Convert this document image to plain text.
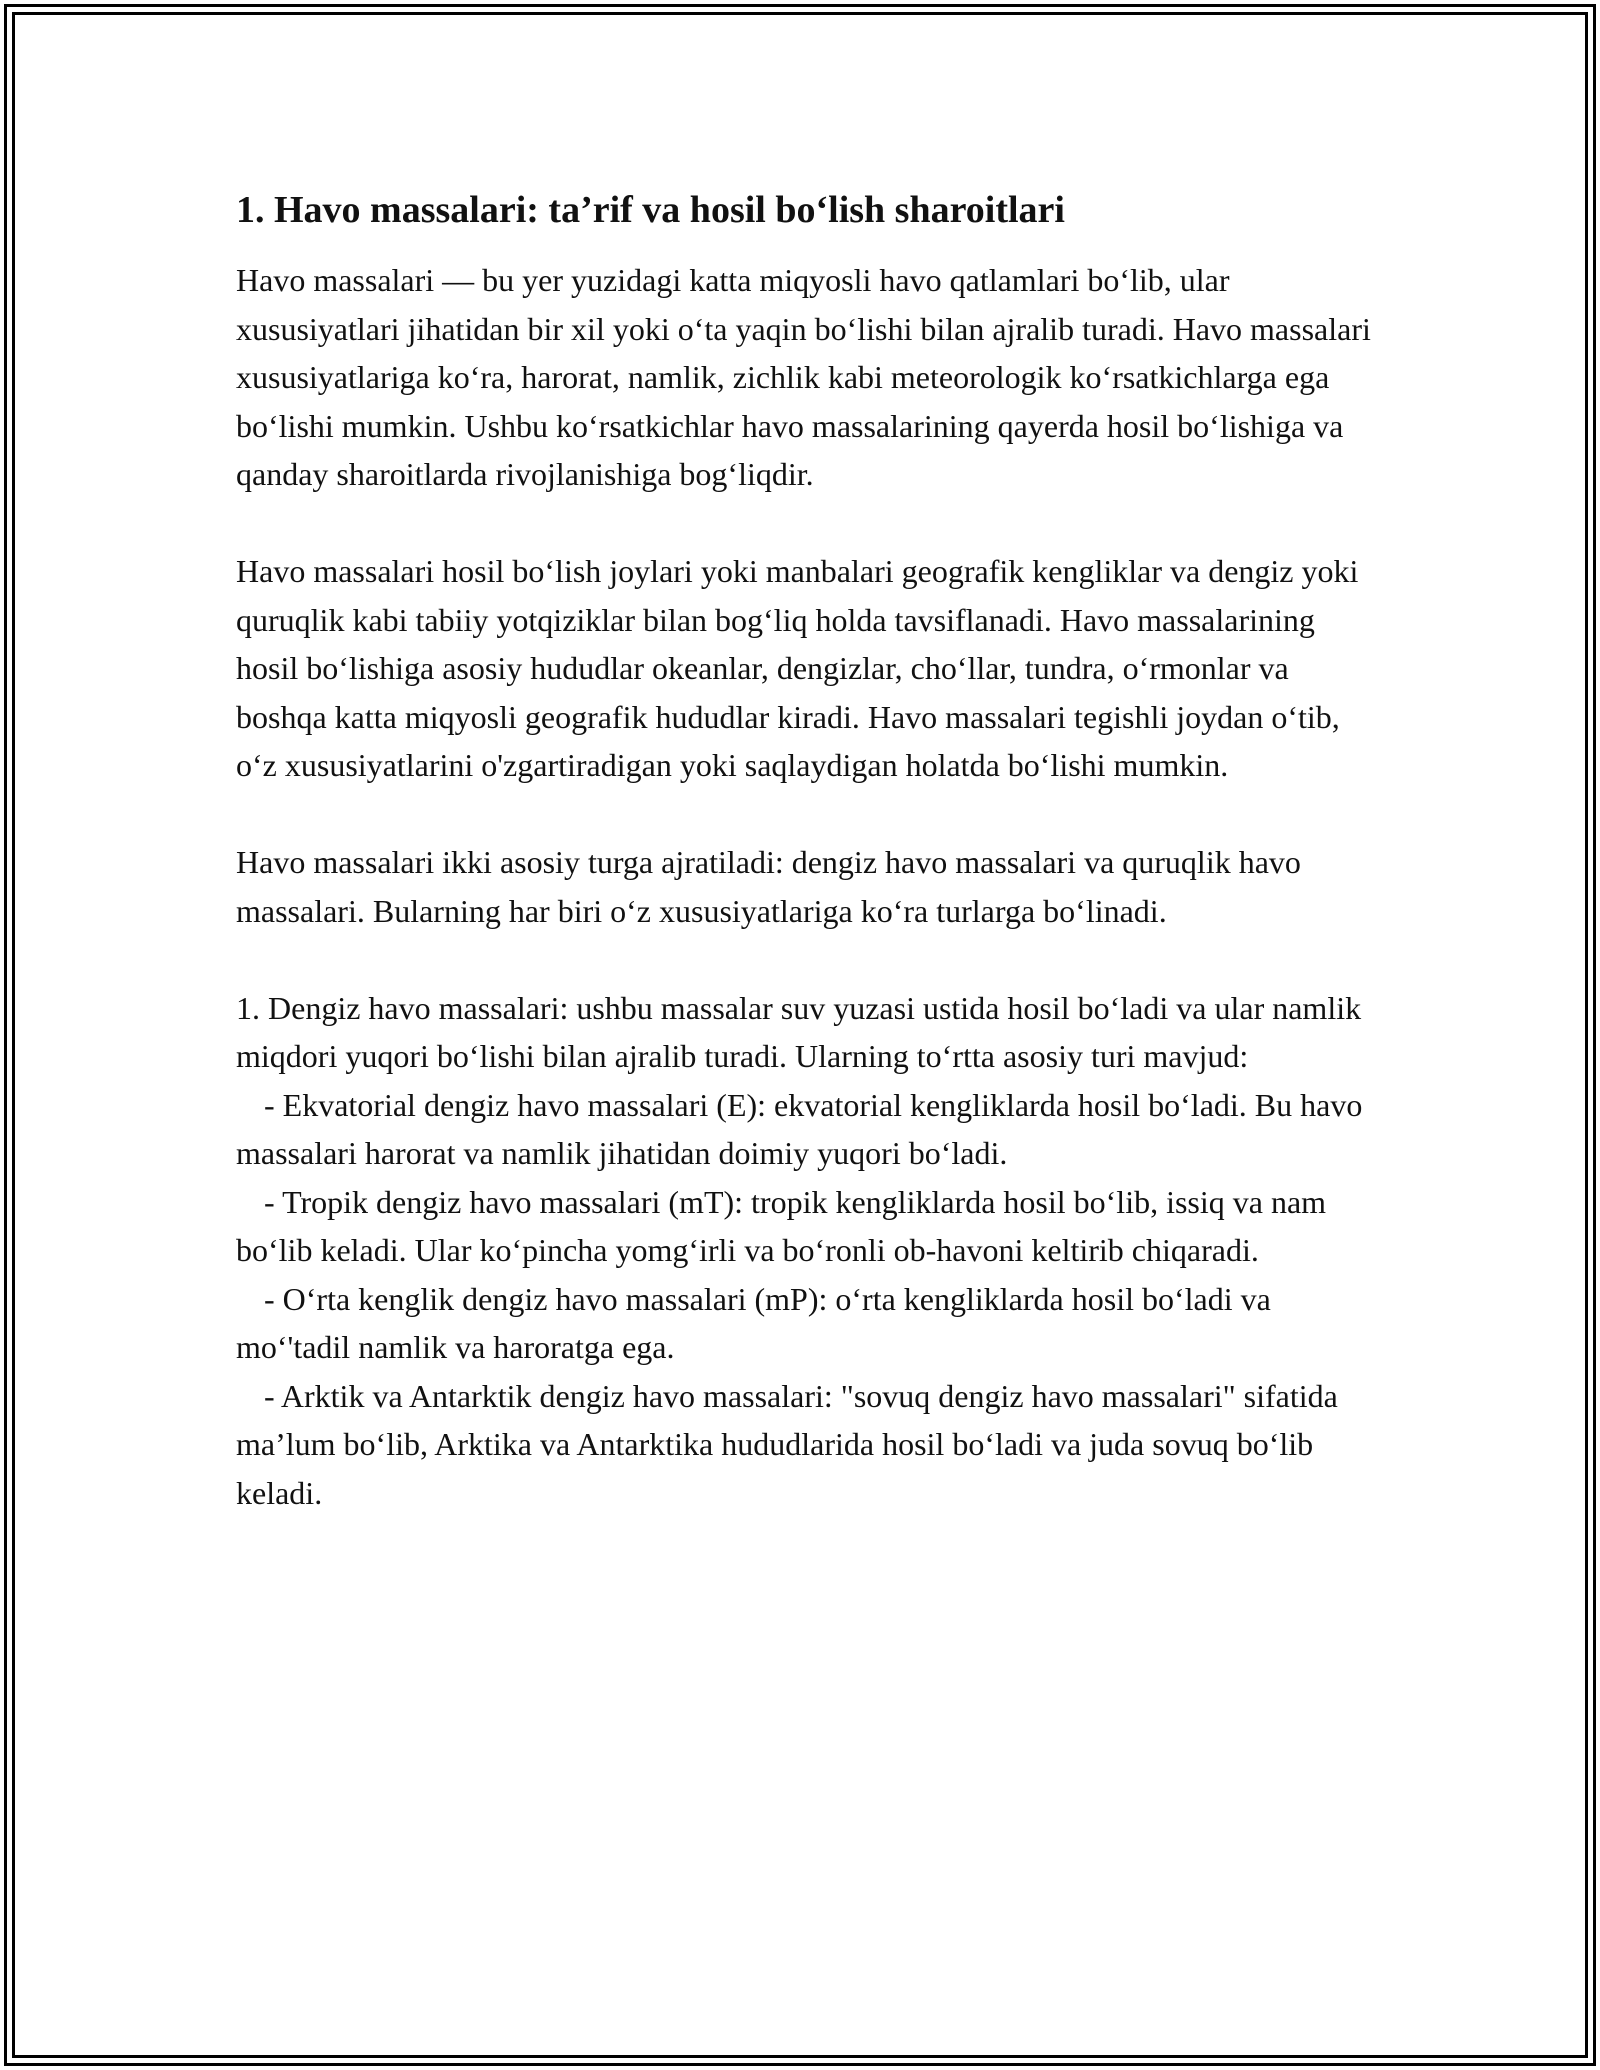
1. Havo massalari: ta’rif va hosil bo‘lish sharoitlari

Havo massalari — bu yer yuzidagi katta miqyosli havo qatlamlari bo‘lib, ular xususiyatlari jihatidan bir xil yoki o‘ta yaqin bo‘lishi bilan ajralib turadi. Havo massalari xususiyatlariga ko‘ra, harorat, namlik, zichlik kabi meteorologik ko‘rsatkichlarga ega bo‘lishi mumkin. Ushbu ko‘rsatkichlar havo massalarining qayerda hosil bo‘lishiga va qanday sharoitlarda rivojlanishiga bog‘liqdir.

Havo massalari hosil bo‘lish joylari yoki manbalari geografik kengliklar va dengiz yoki quruqlik kabi tabiiy yotqiziklar bilan bog‘liq holda tavsiflanadi. Havo massalarining hosil bo‘lishiga asosiy hududlar okeanlar, dengizlar, cho‘llar, tundra, o‘rmonlar va boshqa katta miqyosli geografik hududlar kiradi. Havo massalari tegishli joydan o‘tib, o‘z xususiyatlarini o'zgartiradigan yoki saqlaydigan holatda bo‘lishi mumkin.

Havo massalari ikki asosiy turga ajratiladi: dengiz havo massalari va quruqlik havo massalari. Bularning har biri o‘z xususiyatlariga ko‘ra turlarga bo‘linadi.

1. Dengiz havo massalari: ushbu massalar suv yuzasi ustida hosil bo‘ladi va ular namlik miqdori yuqori bo‘lishi bilan ajralib turadi. Ularning to‘rtta asosiy turi mavjud:

- Ekvatorial dengiz havo massalari (E): ekvatorial kengliklarda hosil bo‘ladi. Bu havo massalari harorat va namlik jihatidan doimiy yuqori bo‘ladi.

- Tropik dengiz havo massalari (mT): tropik kengliklarda hosil bo‘lib, issiq va nam bo‘lib keladi. Ular ko‘pincha yomg‘irli va bo‘ronli ob-havoni keltirib chiqaradi.

- O‘rta kenglik dengiz havo massalari (mP): o‘rta kengliklarda hosil bo‘ladi va mo‘'tadil namlik va haroratga ega.

- Arktik va Antarktik dengiz havo massalari: "sovuq dengiz havo massalari" sifatida ma’lum bo‘lib, Arktika va Antarktika hududlarida hosil bo‘ladi va juda sovuq bo‘lib keladi.
